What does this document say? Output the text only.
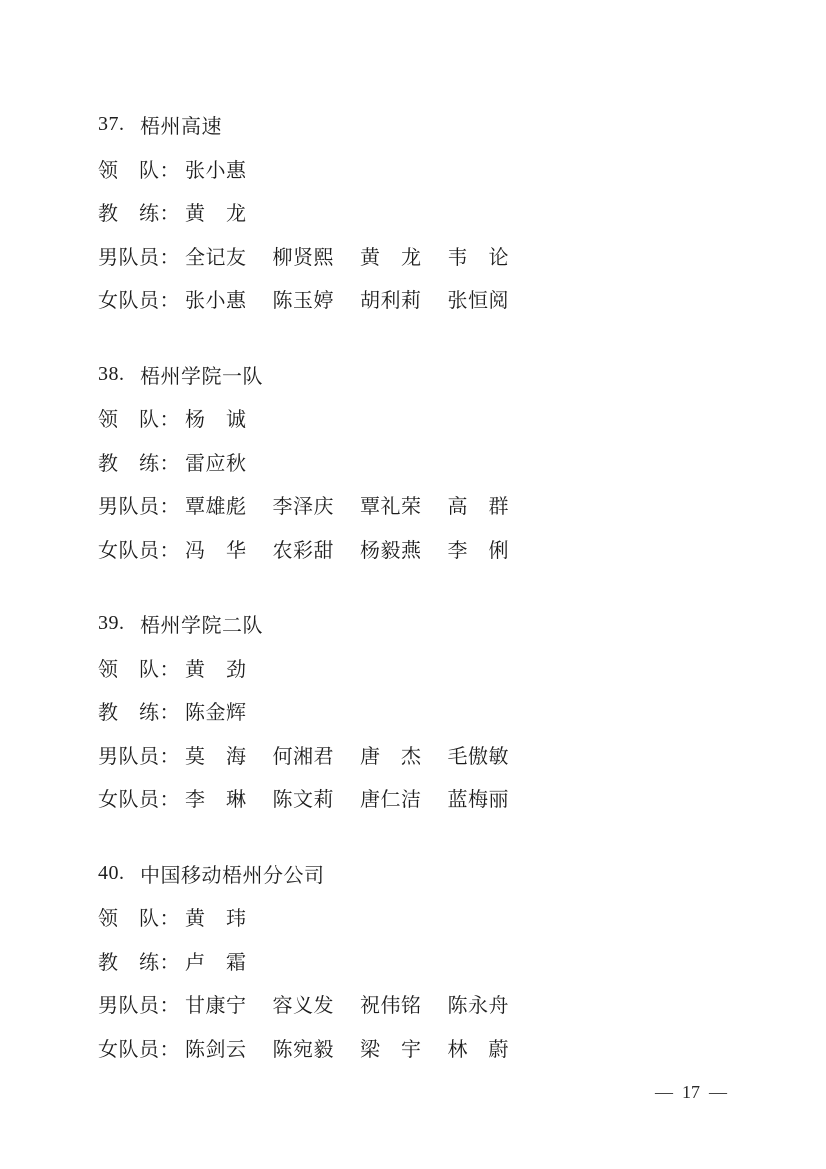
37. 梧州高速
领　队： 张小惠
教　练： 黄　龙
男队员： 全记友 柳贤熙 黄　龙 韦　论
女队员： 张小惠 陈玉婷 胡利莉 张恒阅
38. 梧州学院一队
领　队： 杨　诚
教　练： 雷应秋
男队员： 覃雄彪 李泽庆 覃礼荣 高　群
女队员： 冯　华 农彩甜 杨毅燕 李　俐
39. 梧州学院二队
领　队： 黄　劲
教　练： 陈金辉
男队员： 莫　海 何湘君 唐　杰 毛傲敏
女队员： 李　琳 陈文莉 唐仁洁 蓝梅丽
40. 中国移动梧州分公司
领　队： 黄　玮
教　练： 卢　霜
男队员： 甘康宁 容义发 祝伟铭 陈永舟
女队员： 陈剑云 陈宛毅 梁　宇 林　蔚
— 17 —
